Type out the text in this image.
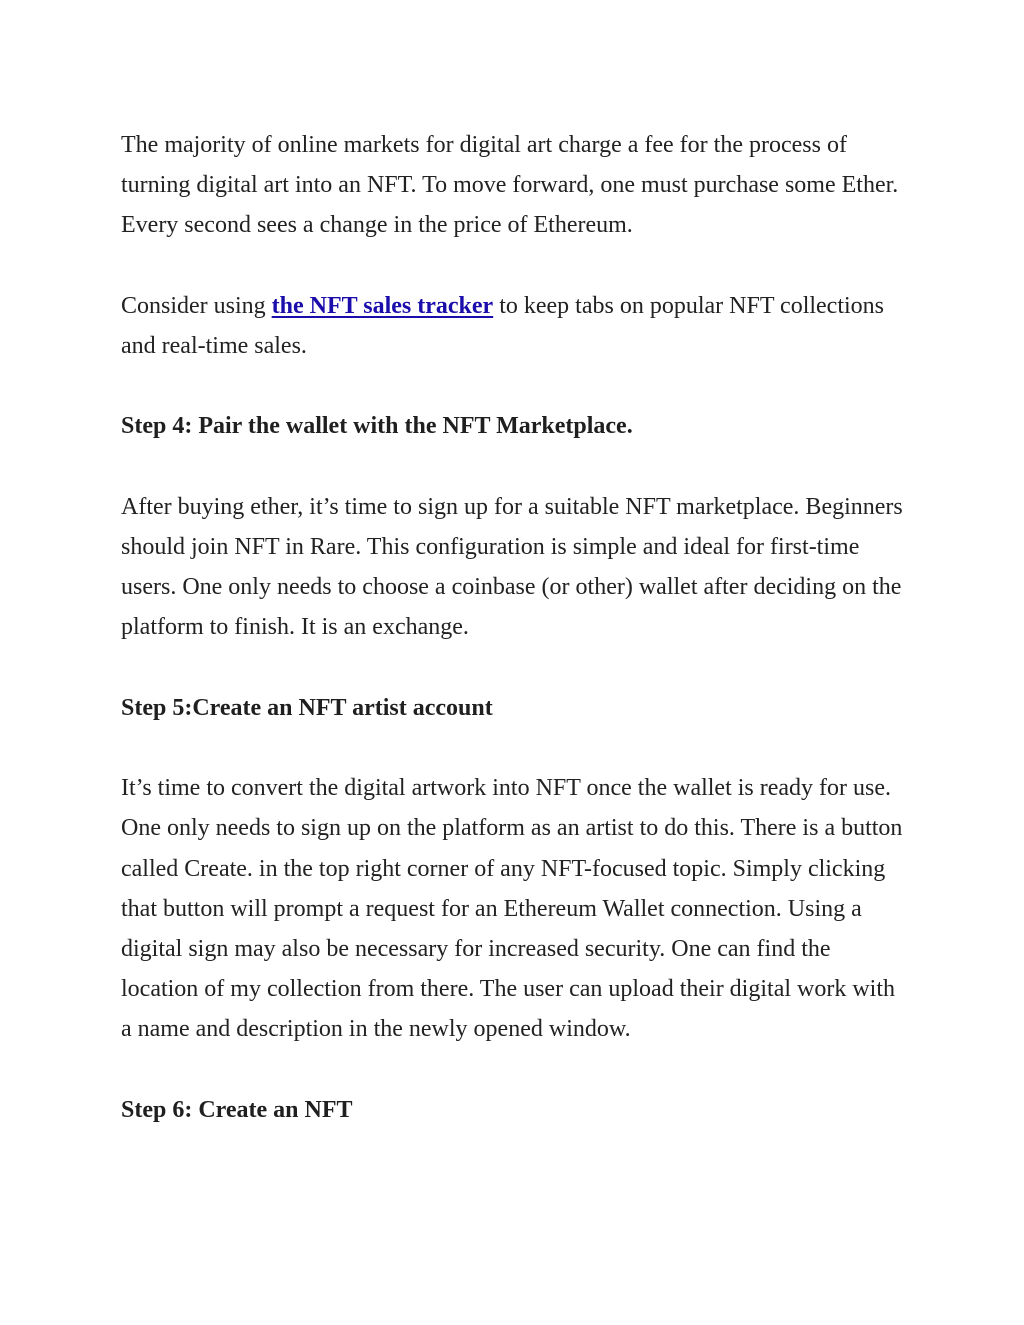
The majority of online markets for digital art charge a fee for the process of turning digital art into an NFT. To move forward, one must purchase some Ether. Every second sees a change in the price of Ethereum.

Consider using the NFT sales tracker to keep tabs on popular NFT collections and real-time sales.

Step 4: Pair the wallet with the NFT Marketplace.

After buying ether, it’s time to sign up for a suitable NFT marketplace. Beginners should join NFT in Rare. This configuration is simple and ideal for first-time users. One only needs to choose a coinbase (or other) wallet after deciding on the platform to finish. It is an exchange.

Step 5:Create an NFT artist account

It’s time to convert the digital artwork into NFT once the wallet is ready for use. One only needs to sign up on the platform as an artist to do this. There is a button called Create. in the top right corner of any NFT-focused topic. Simply clicking that button will prompt a request for an Ethereum Wallet connection. Using a digital sign may also be necessary for increased security. One can find the location of my collection from there. The user can upload their digital work with a name and description in the newly opened window.

Step 6: Create an NFT
